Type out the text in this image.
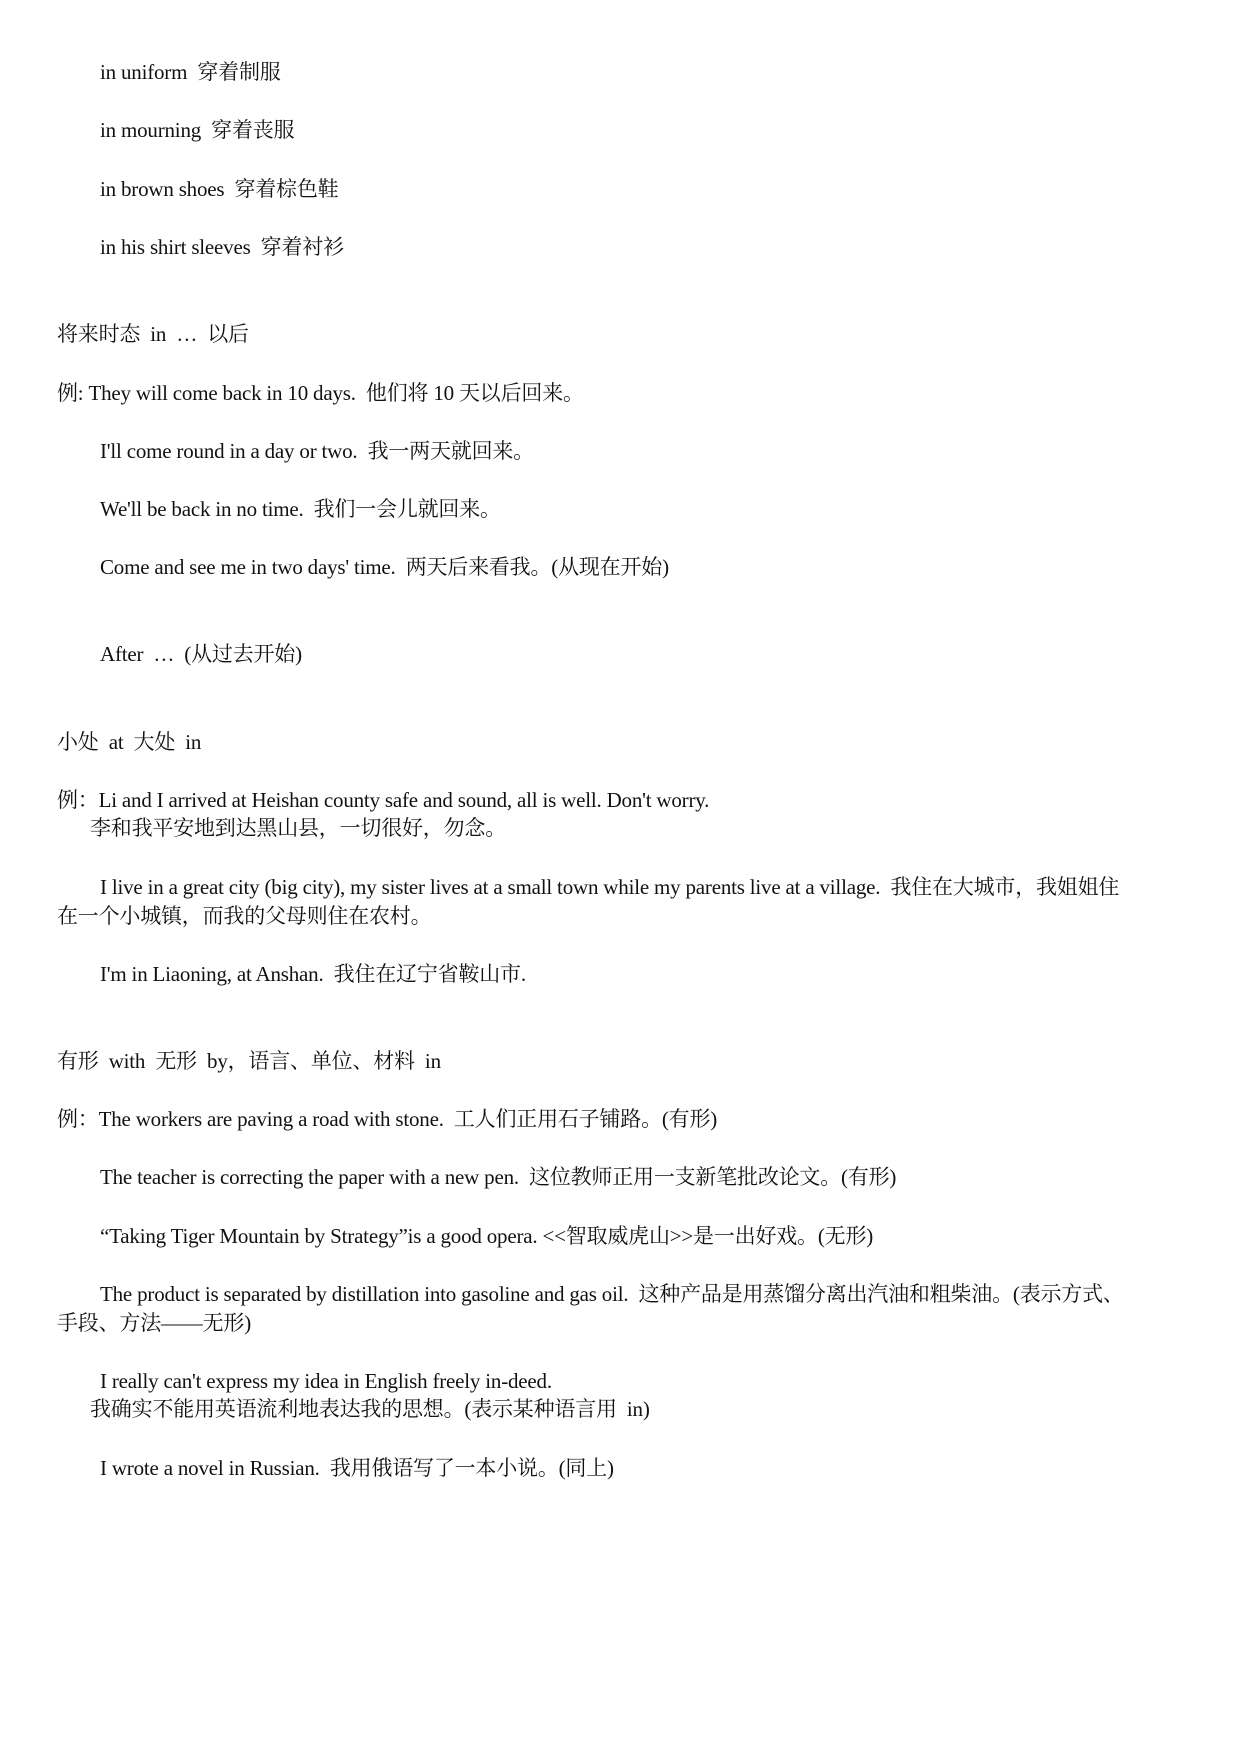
in uniform  穿着制服
in mourning  穿着丧服
in brown shoes  穿着棕色鞋
in his shirt sleeves  穿着衬衫
将来时态  in  …  以后
例: They will come back in 10 days.  他们将 10 天以后回来。
I'll come round in a day or two.  我一两天就回来。
We'll be back in no time.  我们一会儿就回来。
Come and see me in two days' time.  两天后来看我。(从现在开始)
After  …  (从过去开始)
小处  at  大处  in
例：Li and I arrived at Heishan county safe and sound, all is well. Don't worry.
李和我平安地到达黑山县，一切很好，勿念。
I live in a great city (big city), my sister lives at a small town while my parents live at a village.  我住在大城市，我姐姐住
在一个小城镇，而我的父母则住在农村。
I'm in Liaoning, at Anshan.  我住在辽宁省鞍山市.
有形  with  无形  by，语言、单位、材料  in
例：The workers are paving a road with stone.  工人们正用石子铺路。(有形)
The teacher is correcting the paper with a new pen.  这位教师正用一支新笔批改论文。(有形)
“Taking Tiger Mountain by Strategy”is a good opera. <<智取威虎山>>是一出好戏。(无形)
The product is separated by distillation into gasoline and gas oil.  这种产品是用蒸馏分离出汽油和粗柴油。(表示方式、
手段、方法——无形)
I really can't express my idea in English freely in-deed.
我确实不能用英语流利地表达我的思想。(表示某种语言用  in)
I wrote a novel in Russian.  我用俄语写了一本小说。(同上)
